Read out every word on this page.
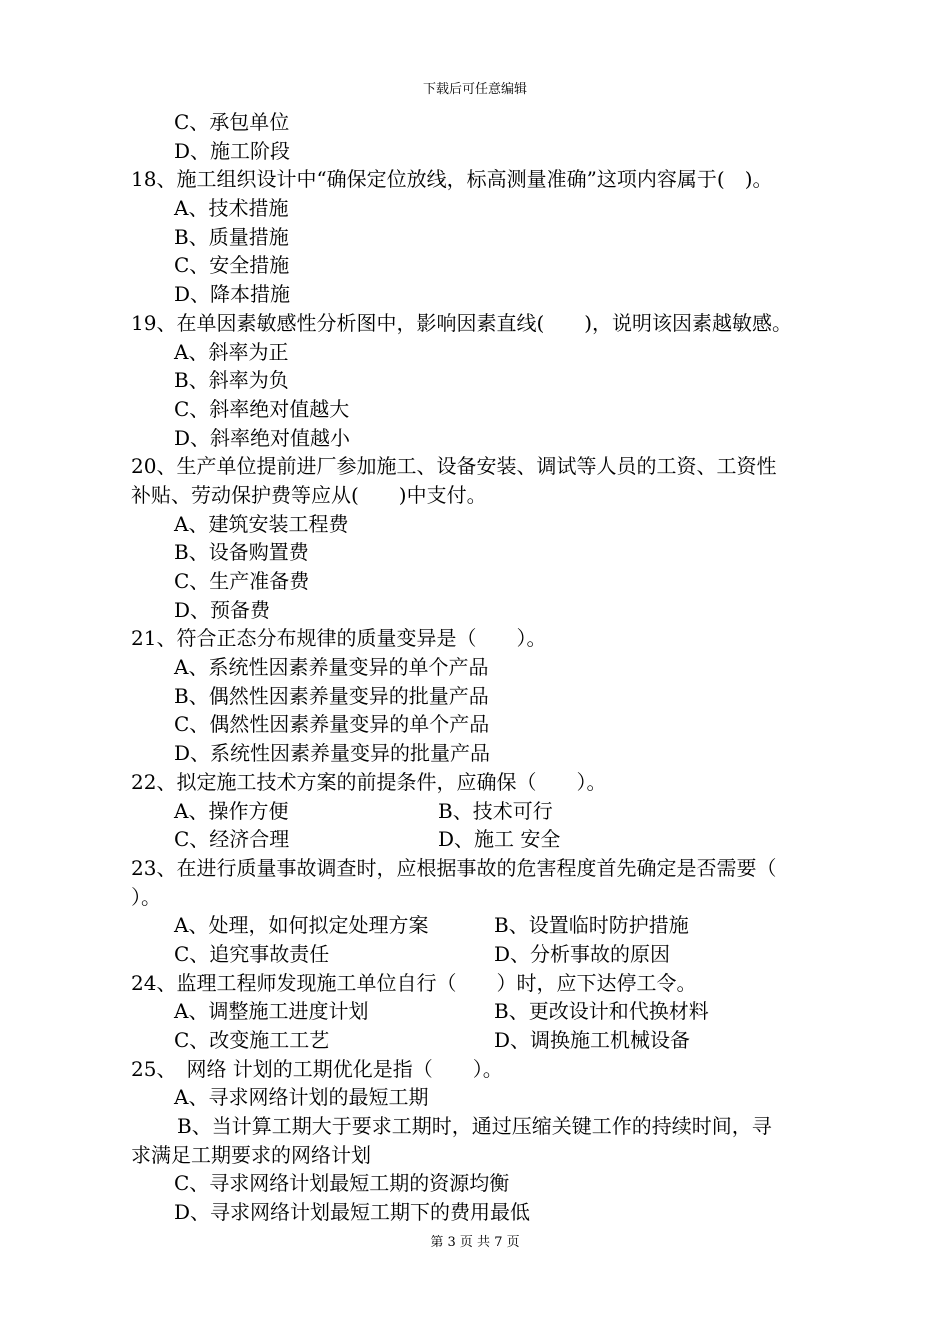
下载后可任意编辑
C、承包单位
D、施工阶段
18、施工组织设计中“确保定位放线，标高测量准确”这项内容属于(　)。
A、技术措施
B、质量措施
C、安全措施
D、降本措施
19、在单因素敏感性分析图中，影响因素直线(　　)，说明该因素越敏感。
A、斜率为正
B、斜率为负
C、斜率绝对值越大
D、斜率绝对值越小
20、生产单位提前进厂参加施工、设备安装、调试等人员的工资、工资性
补贴、劳动保护费等应从(　　)中支付。
A、建筑安装工程费
B、设备购置费
C、生产准备费
D、预备费
21、符合正态分布规律的质量变异是（　　）。
A、系统性因素养量变异的单个产品
B、偶然性因素养量变异的批量产品
C、偶然性因素养量变异的单个产品
D、系统性因素养量变异的批量产品
22、拟定施工技术方案的前提条件，应确保（　　）。
A、操作方便	B、技术可行
C、经济合理	D、施工 安全
23、在进行质量事故调查时，应根据事故的危害程度首先确定是否需要（
）。
A、处理，如何拟定处理方案	B、设置临时防护措施
C、追究事故责任	D、分析事故的原因
24、监理工程师发现施工单位自行（　　）时，应下达停工令。
A、调整施工进度计划	B、更改设计和代换材料
C、改变施工工艺	D、调换施工机械设备
25、　网络 计划的工期优化是指（　　）。
A、寻求网络计划的最短工期
B、当计算工期大于要求工期时，通过压缩关键工作的持续时间，寻
求满足工期要求的网络计划
C、寻求网络计划最短工期的资源均衡
D、寻求网络计划最短工期下的费用最低
第 3 页 共 7 页
